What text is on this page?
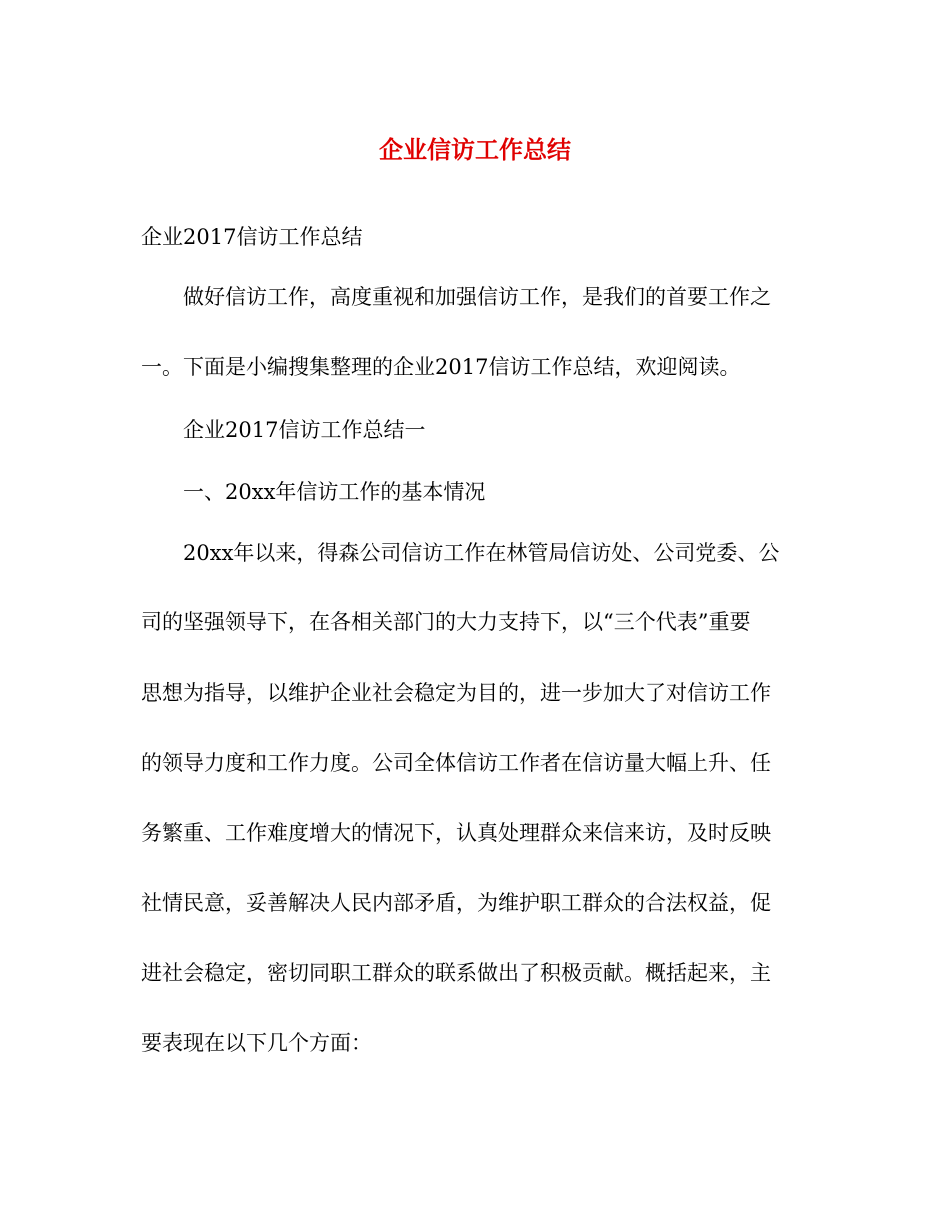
企业信访工作总结
企业2017信访工作总结
做好信访工作，高度重视和加强信访工作，是我们的首要工作之
一。下面是小编搜集整理的企业2017信访工作总结，欢迎阅读。
企业2017信访工作总结一
一、20xx年信访工作的基本情况
20xx年以来，得森公司信访工作在林管局信访处、公司党委、公
司的坚强领导下，在各相关部门的大力支持下，以“三个代表”重要
思想为指导，以维护企业社会稳定为目的，进一步加大了对信访工作
的领导力度和工作力度。公司全体信访工作者在信访量大幅上升、任
务繁重、工作难度增大的情况下，认真处理群众来信来访，及时反映
社情民意，妥善解决人民内部矛盾，为维护职工群众的合法权益，促
进社会稳定，密切同职工群众的联系做出了积极贡献。概括起来，主
要表现在以下几个方面：
